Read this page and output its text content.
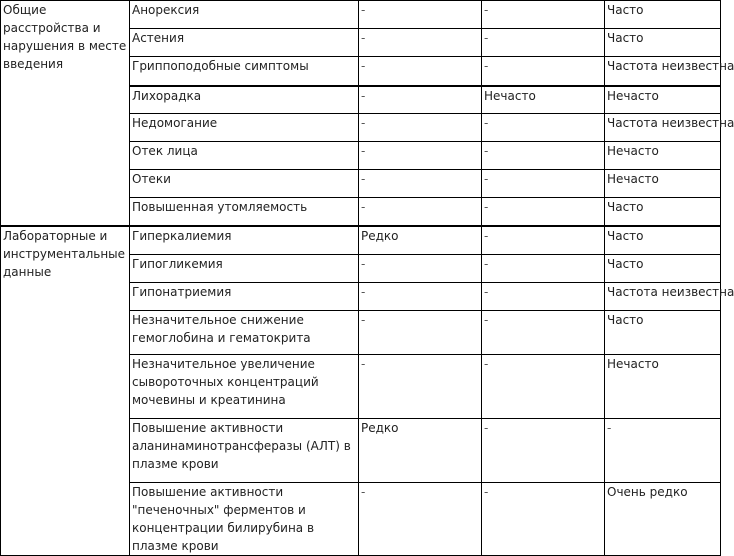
Общие расстройства и нарушения в месте введения	Анорексия	-	-	Часто
	Астения	-	-	Часто
	Гриппоподобные симптомы	-	-	Частота неизвестна
	Лихорадка	-	Нечасто	Нечасто
	Недомогание	-	-	Частота неизвестна
	Отек лица	-	-	Нечасто
	Отеки	-	-	Нечасто
	Повышенная утомляемость	-	-	Часто
Лабораторные и инструментальные данные	Гиперкалиемия	Редко	-	Часто
	Гипогликемия	-	-	Часто
	Гипонатриемия	-	-	Частота неизвестна
	Незначительное снижение гемоглобина и гематокрита	-	-	Часто
	Незначительное увеличение сывороточных концентраций мочевины и креатинина	-	-	Нечасто
	Повышение активности аланинаминотрансферазы (АЛТ) в плазме крови	Редко	-	-
	Повышение активности "печеночных" ферментов и концентрации билирубина в плазме крови	-	-	Очень редко
